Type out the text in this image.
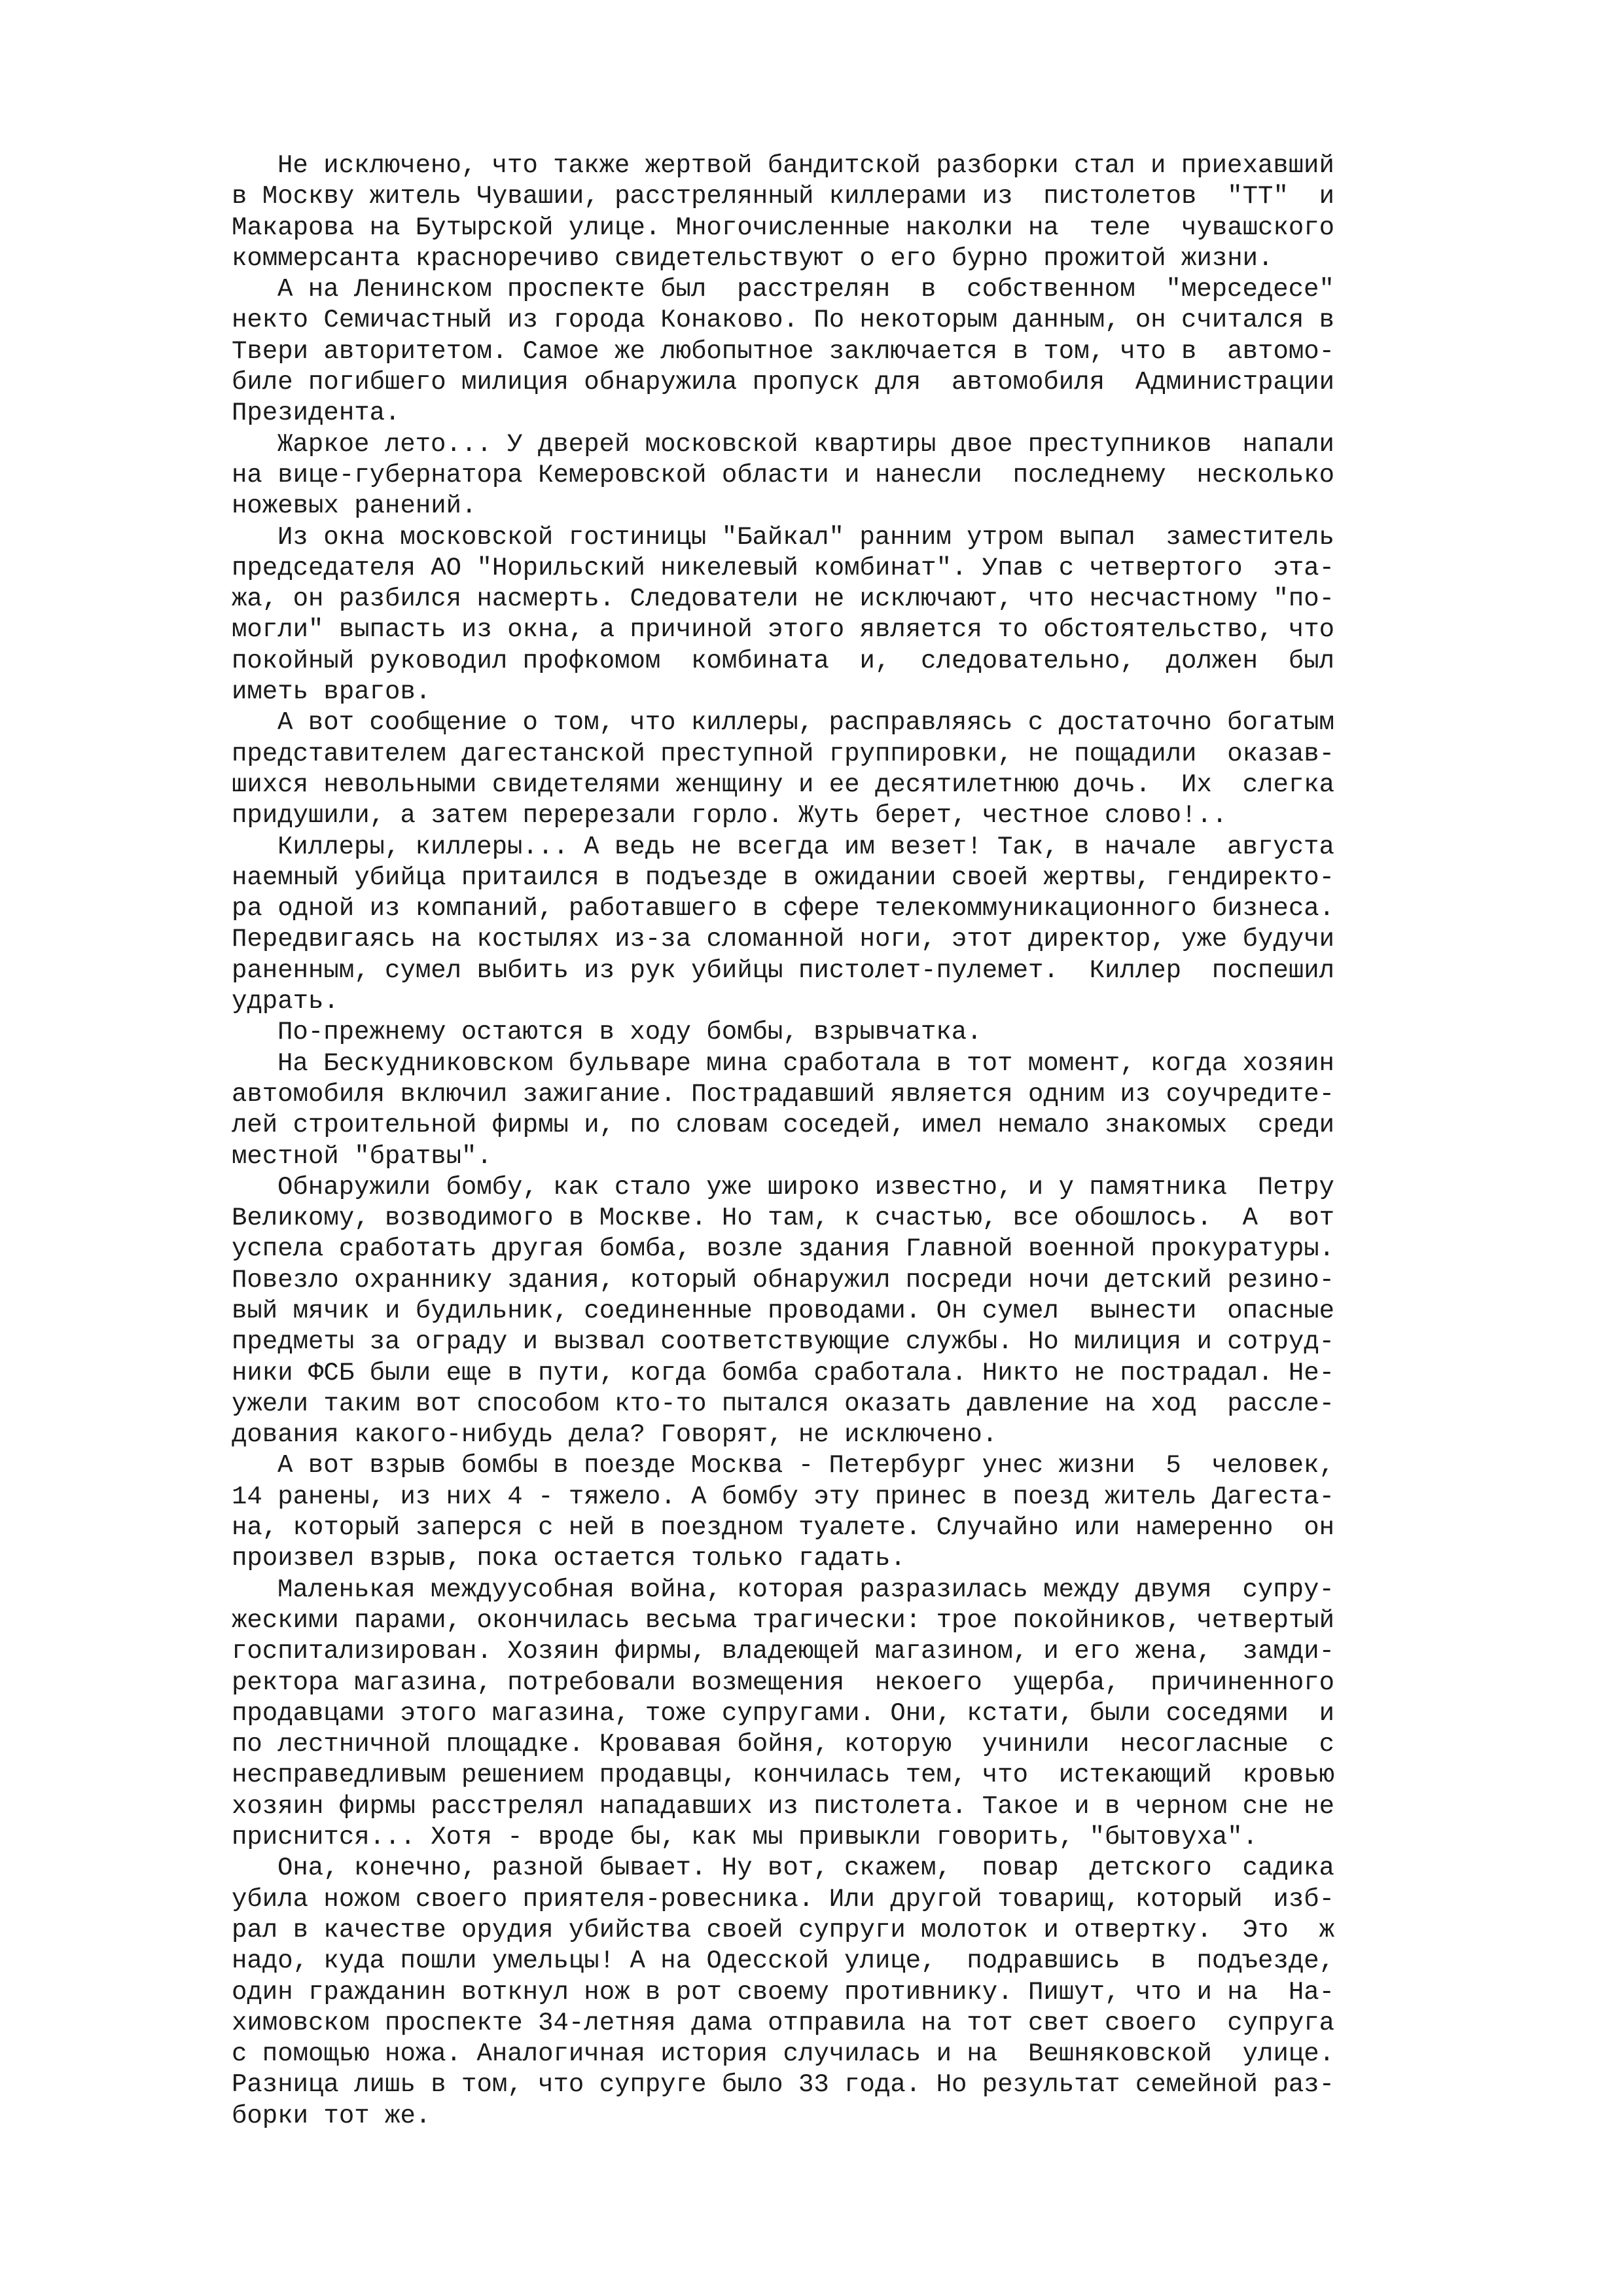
Не исключено, что также жертвой бандитской разборки стал и приехавший
в Москву житель Чувашии, расстрелянный киллерами из  пистолетов  "ТТ"  и
Макарова на Бутырской улице. Многочисленные наколки на  теле  чувашского
коммерсанта красноречиво свидетельствуют о его бурно прожитой жизни.
А на Ленинском проспекте был  расстрелян  в  собственном  "мерседесе"
некто Семичастный из города Конаково. По некоторым данным, он считался в
Твери авторитетом. Самое же любопытное заключается в том, что в  автомо-
биле погибшего милиция обнаружила пропуск для  автомобиля  Администрации
Президента.
Жаркое лето... У дверей московской квартиры двое преступников  напали
на вице-губернатора Кемеровской области и нанесли  последнему  несколько
ножевых ранений.
Из окна московской гостиницы "Байкал" ранним утром выпал  заместитель
председателя АО "Норильский никелевый комбинат". Упав с четвертого  эта-
жа, он разбился насмерть. Следователи не исключают, что несчастному "по-
могли" выпасть из окна, а причиной этого является то обстоятельство, что
покойный руководил профкомом  комбината  и,  следовательно,  должен  был
иметь врагов.
А вот сообщение о том, что киллеры, расправляясь с достаточно богатым
представителем дагестанской преступной группировки, не пощадили  оказав-
шихся невольными свидетелями женщину и ее десятилетнюю дочь.  Их  слегка
придушили, а затем перерезали горло. Жуть берет, честное слово!..
Киллеры, киллеры... А ведь не всегда им везет! Так, в начале  августа
наемный убийца притаился в подъезде в ожидании своей жертвы, гендиректо-
ра одной из компаний, работавшего в сфере телекоммуникационного бизнеса.
Передвигаясь на костылях из-за сломанной ноги, этот директор, уже будучи
раненным, сумел выбить из рук убийцы пистолет-пулемет.  Киллер  поспешил
удрать.
По-прежнему остаются в ходу бомбы, взрывчатка.
На Бескудниковском бульваре мина сработала в тот момент, когда хозяин
автомобиля включил зажигание. Пострадавший является одним из соучредите-
лей строительной фирмы и, по словам соседей, имел немало знакомых  среди
местной "братвы".
Обнаружили бомбу, как стало уже широко известно, и у памятника  Петру
Великому, возводимого в Москве. Но там, к счастью, все обошлось.  А  вот
успела сработать другая бомба, возле здания Главной военной прокуратуры.
Повезло охраннику здания, который обнаружил посреди ночи детский резино-
вый мячик и будильник, соединенные проводами. Он сумел  вынести  опасные
предметы за ограду и вызвал соответствующие службы. Но милиция и сотруд-
ники ФСБ были еще в пути, когда бомба сработала. Никто не пострадал. Не-
ужели таким вот способом кто-то пытался оказать давление на ход  рассле-
дования какого-нибудь дела? Говорят, не исключено.
А вот взрыв бомбы в поезде Москва - Петербург унес жизни  5  человек,
14 ранены, из них 4 - тяжело. А бомбу эту принес в поезд житель Дагеста-
на, который заперся с ней в поездном туалете. Случайно или намеренно  он
произвел взрыв, пока остается только гадать.
Маленькая междуусобная война, которая разразилась между двумя  супру-
жескими парами, окончилась весьма трагически: трое покойников, четвертый
госпитализирован. Хозяин фирмы, владеющей магазином, и его жена,  замди-
ректора магазина, потребовали возмещения  некоего  ущерба,  причиненного
продавцами этого магазина, тоже супругами. Они, кстати, были соседями  и
по лестничной площадке. Кровавая бойня, которую  учинили  несогласные  с
несправедливым решением продавцы, кончилась тем, что  истекающий  кровью
хозяин фирмы расстрелял нападавших из пистолета. Такое и в черном сне не
приснится... Хотя - вроде бы, как мы привыкли говорить, "бытовуха".
Она, конечно, разной бывает. Ну вот, скажем,  повар  детского  садика
убила ножом своего приятеля-ровесника. Или другой товарищ, который  изб-
рал в качестве орудия убийства своей супруги молоток и отвертку.  Это  ж
надо, куда пошли умельцы! А на Одесской улице,  подравшись  в  подъезде,
один гражданин воткнул нож в рот своему противнику. Пишут, что и на  На-
химовском проспекте 34-летняя дама отправила на тот свет своего  супруга
с помощью ножа. Аналогичная история случилась и на  Вешняковской  улице.
Разница лишь в том, что супруге было 33 года. Но результат семейной раз-
борки тот же.
